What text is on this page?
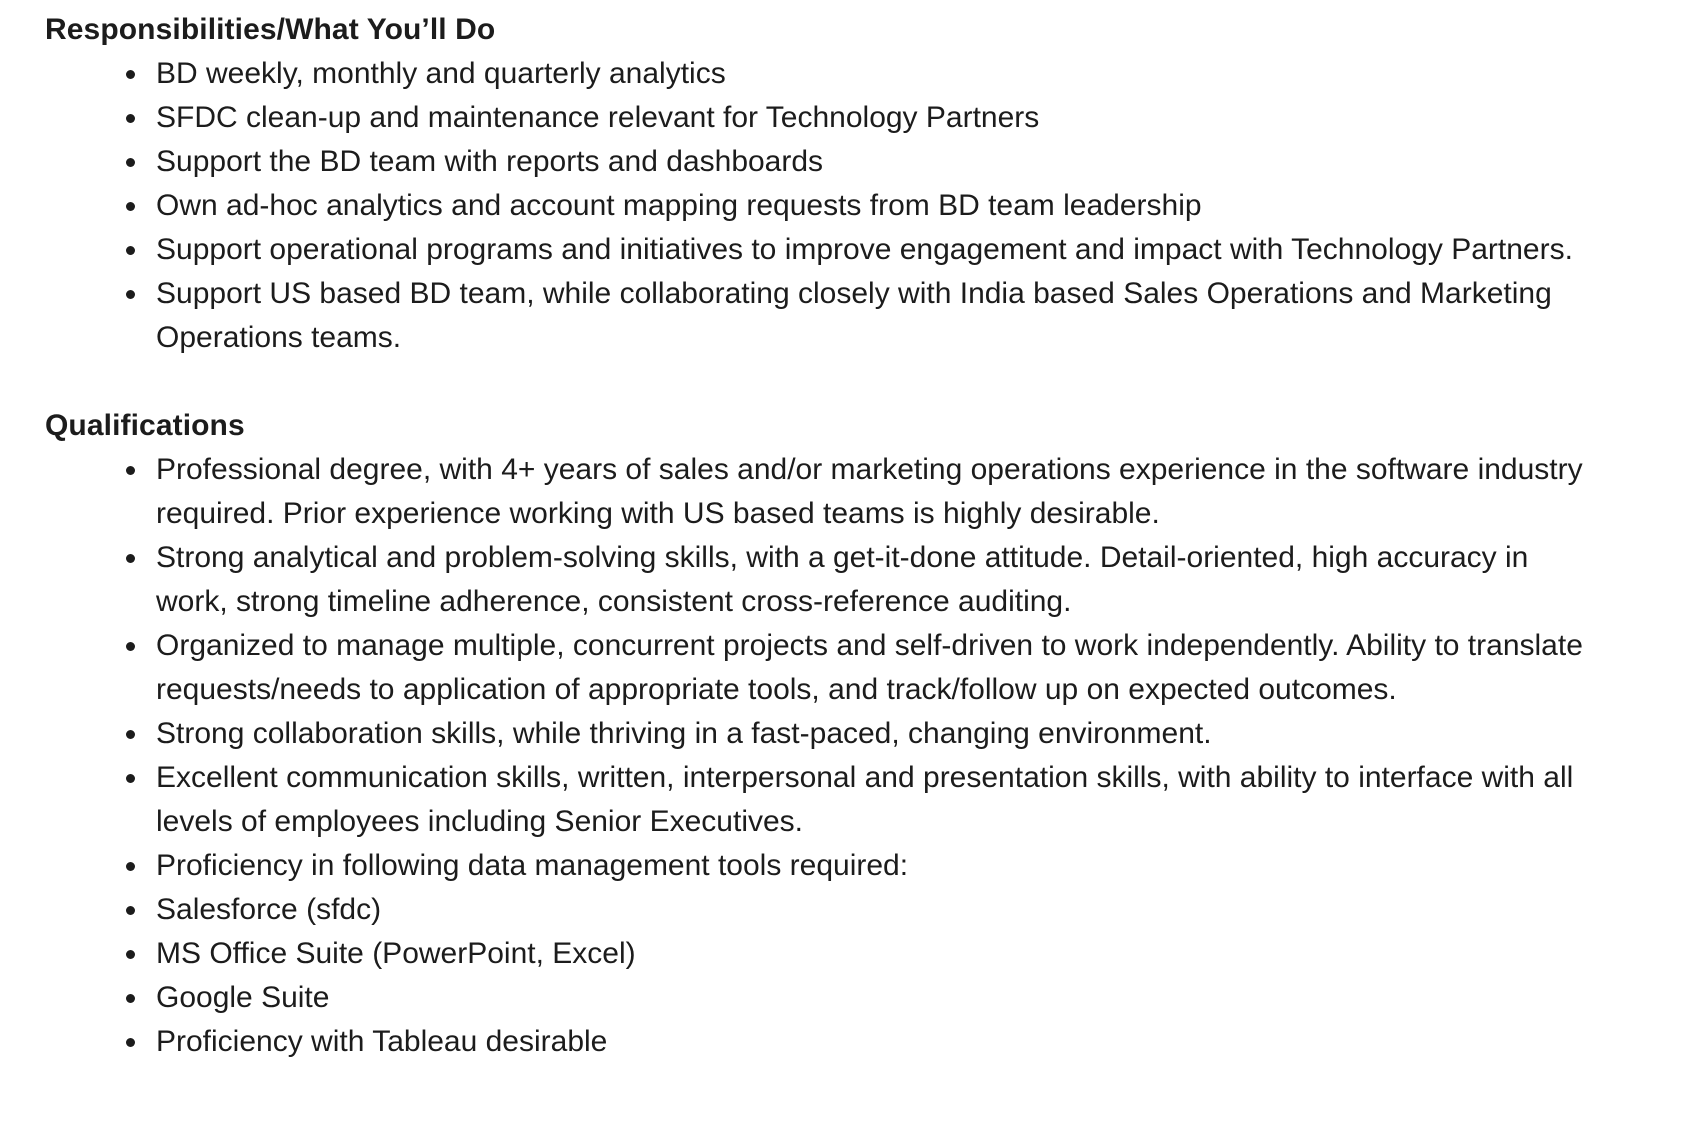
Responsibilities/What You’ll Do
BD weekly, monthly and quarterly analytics
SFDC clean-up and maintenance relevant for Technology Partners
Support the BD team with reports and dashboards
Own ad-hoc analytics and account mapping requests from BD team leadership
Support operational programs and initiatives to improve engagement and impact with Technology Partners.
Support US based BD team, while collaborating closely with India based Sales Operations and Marketing Operations teams.
Qualifications
Professional degree, with 4+ years of sales and/or marketing operations experience in the software industry required. Prior experience working with US based teams is highly desirable.
Strong analytical and problem-solving skills, with a get-it-done attitude. Detail-oriented, high accuracy in work, strong timeline adherence, consistent cross-reference auditing.
Organized to manage multiple, concurrent projects and self-driven to work independently. Ability to translate requests/needs to application of appropriate tools, and track/follow up on expected outcomes.
Strong collaboration skills, while thriving in a fast-paced, changing environment.
Excellent communication skills, written, interpersonal and presentation skills, with ability to interface with all levels of employees including Senior Executives.
Proficiency in following data management tools required:
Salesforce (sfdc)
MS Office Suite (PowerPoint, Excel)
Google Suite
Proficiency with Tableau desirable
